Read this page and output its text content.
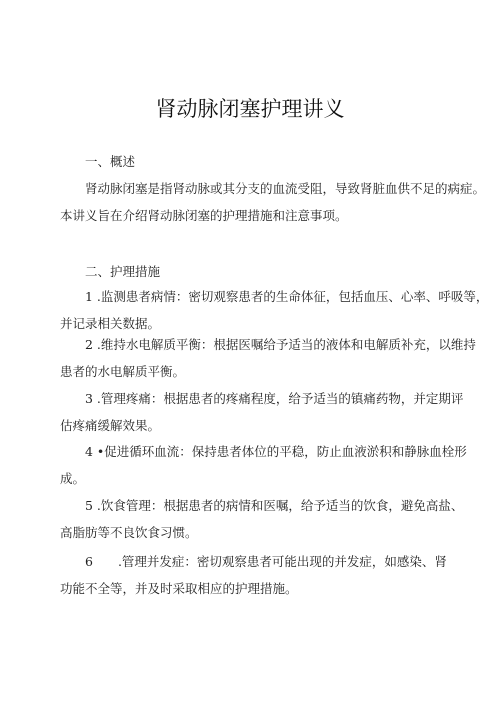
肾动脉闭塞护理讲义

一、概述

肾动脉闭塞是指肾动脉或其分支的血流受阻，导致肾脏血供不足的病症。
本讲义旨在介绍肾动脉闭塞的护理措施和注意事项。

二、护理措施

1 .监测患者病情：密切观察患者的生命体征，包括血压、心率、呼吸等，
并记录相关数据。
2 .维持水电解质平衡：根据医嘱给予适当的液体和电解质补充，以维持
患者的水电解质平衡。
3 .管理疼痛：根据患者的疼痛程度，给予适当的镇痛药物，并定期评
估疼痛缓解效果。
4 •促进循环血流：保持患者体位的平稳，防止血液淤积和静脉血栓形
成。
5 .饮食管理：根据患者的病情和医嘱，给予适当的饮食，避免高盐、
高脂肪等不良饮食习惯。
6　　.管理并发症：密切观察患者可能出现的并发症，如感染、肾
功能不全等，并及时采取相应的护理措施。
